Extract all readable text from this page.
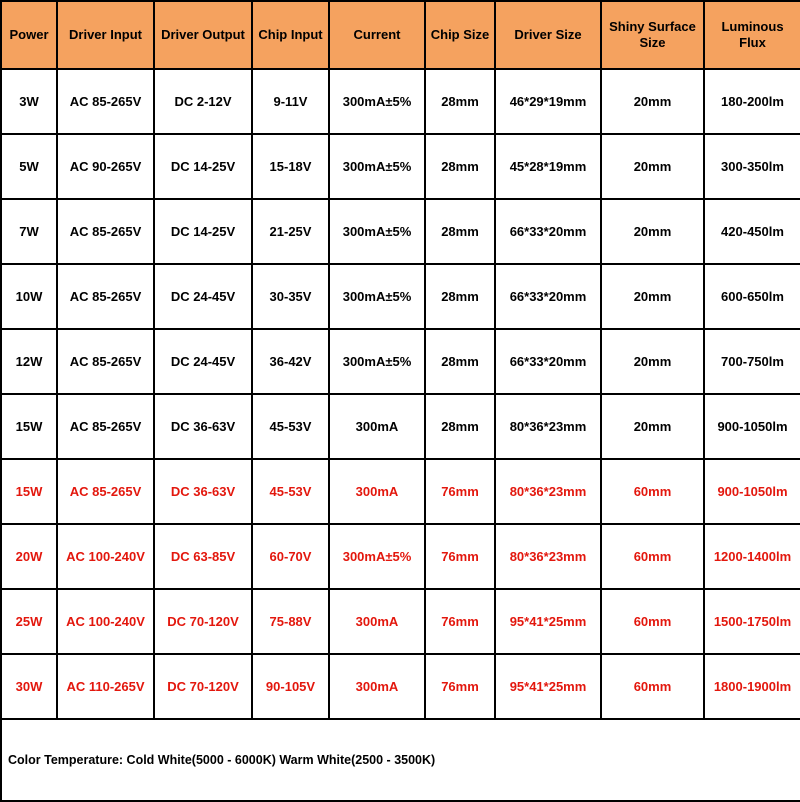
Power	Driver Input	Driver Output	Chip Input	Current	Chip Size	Driver Size	Shiny Surface Size	Luminous Flux
3W	AC 85-265V	DC 2-12V	9-11V	300mA±5%	28mm	46*29*19mm	20mm	180-200lm
5W	AC 90-265V	DC 14-25V	15-18V	300mA±5%	28mm	45*28*19mm	20mm	300-350lm
7W	AC 85-265V	DC 14-25V	21-25V	300mA±5%	28mm	66*33*20mm	20mm	420-450lm
10W	AC 85-265V	DC 24-45V	30-35V	300mA±5%	28mm	66*33*20mm	20mm	600-650lm
12W	AC 85-265V	DC 24-45V	36-42V	300mA±5%	28mm	66*33*20mm	20mm	700-750lm
15W	AC 85-265V	DC 36-63V	45-53V	300mA	28mm	80*36*23mm	20mm	900-1050lm
15W	AC 85-265V	DC 36-63V	45-53V	300mA	76mm	80*36*23mm	60mm	900-1050lm
20W	AC 100-240V	DC 63-85V	60-70V	300mA±5%	76mm	80*36*23mm	60mm	1200-1400lm
25W	AC 100-240V	DC 70-120V	75-88V	300mA	76mm	95*41*25mm	60mm	1500-1750lm
30W	AC 110-265V	DC 70-120V	90-105V	300mA	76mm	95*41*25mm	60mm	1800-1900lm
Color Temperature: Cold White(5000 - 6000K) Warm White(2500 - 3500K)								
